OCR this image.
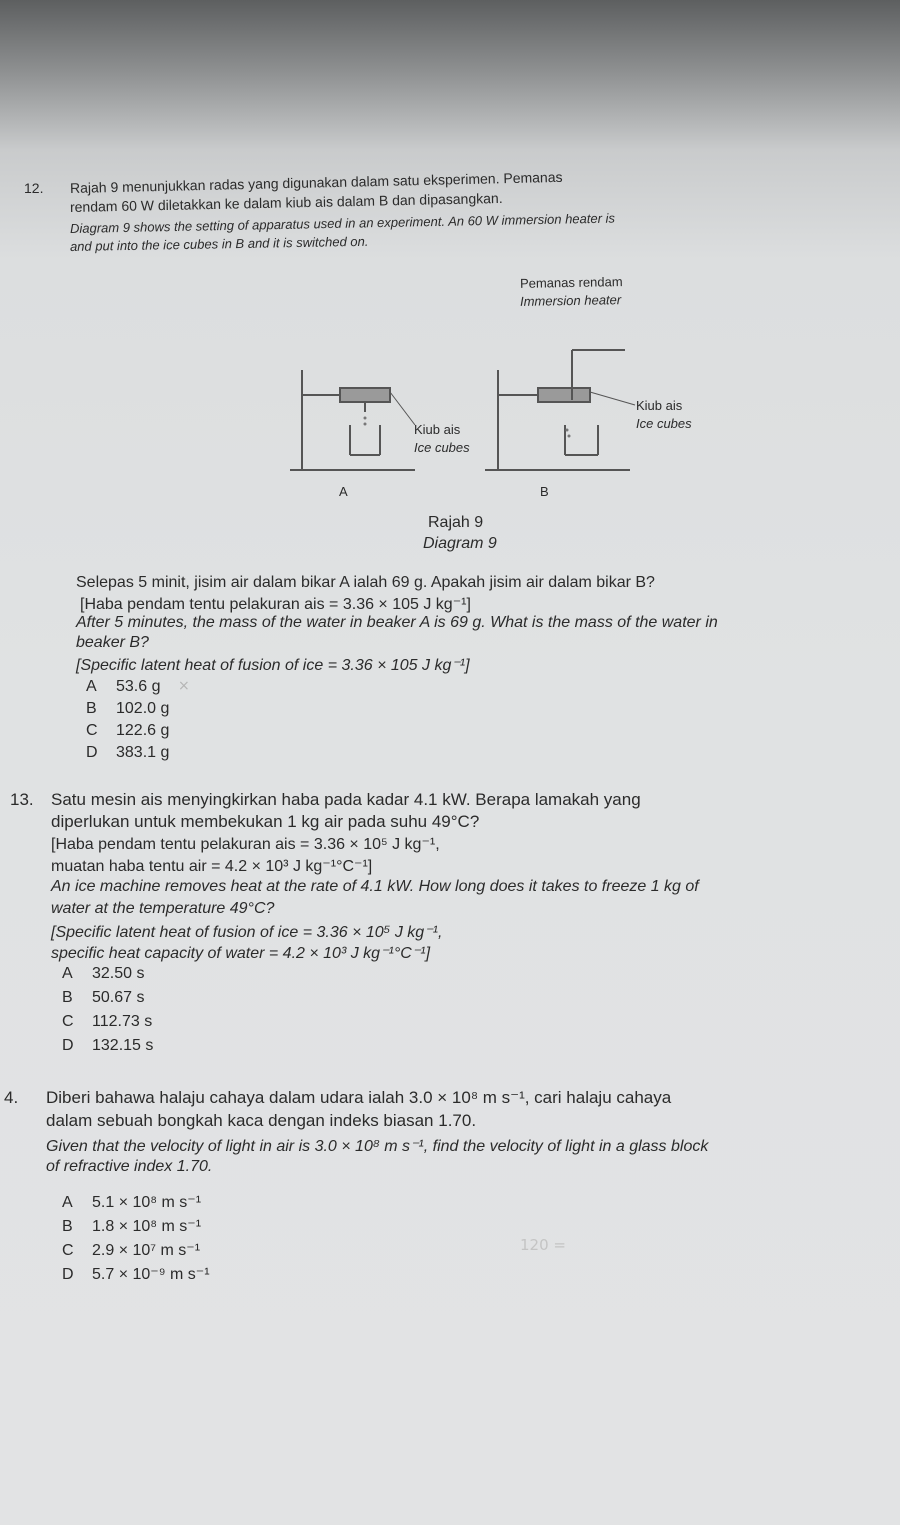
12. Rajah 9 menunjukkan radas yang digunakan dalam satu eksperimen. Pemanas
rendam 60 W diletakkan ke dalam kiub ais dalam B dan dipasangkan.
Diagram 9 shows the setting of apparatus used in an experiment. An 60 W immersion heater is
and put into the ice cubes in B and it is switched on.
Pemanas rendam
Immersion heater
Kiub ais
Ice cubes
Kiub ais
Ice cubes
A	B
Rajah 9
Diagram 9
Selepas 5 minit, jisim air dalam bikar A ialah 69 g. Apakah jisim air dalam bikar B?
[Haba pendam tentu pelakuran ais = 3.36 × 105 J kg⁻¹]
After 5 minutes, the mass of the water in beaker A is 69 g. What is the mass of the water in
beaker B?
[Specific latent heat of fusion of ice = 3.36 × 105 J kg⁻¹]
A 53.6 g ×
B 102.0 g
C 122.6 g
D 383.1 g
13. Satu mesin ais menyingkirkan haba pada kadar 4.1 kW. Berapa lamakah yang
diperlukan untuk membekukan 1 kg air pada suhu 49°C?
[Haba pendam tentu pelakuran ais = 3.36 × 10⁵ J kg⁻¹,
muatan haba tentu air = 4.2 × 10³ J kg⁻¹°C⁻¹]
An ice machine removes heat at the rate of 4.1 kW. How long does it takes to freeze 1 kg of
water at the temperature 49°C?
[Specific latent heat of fusion of ice = 3.36 × 10⁵ J kg⁻¹,
specific heat capacity of water = 4.2 × 10³ J kg⁻¹°C⁻¹]
A 32.50 s
B 50.67 s
C 112.73 s
D 132.15 s
4. Diberi bahawa halaju cahaya dalam udara ialah 3.0 × 10⁸ m s⁻¹, cari halaju cahaya
dalam sebuah bongkah kaca dengan indeks biasan 1.70.
Given that the velocity of light in air is 3.0 × 10⁸ m s⁻¹, find the velocity of light in a glass block
of refractive index 1.70.
A 5.1 × 10⁸ m s⁻¹
B 1.8 × 10⁸ m s⁻¹
C 2.9 × 10⁷ m s⁻¹
D 5.7 × 10⁻⁹ m s⁻¹
120 =
